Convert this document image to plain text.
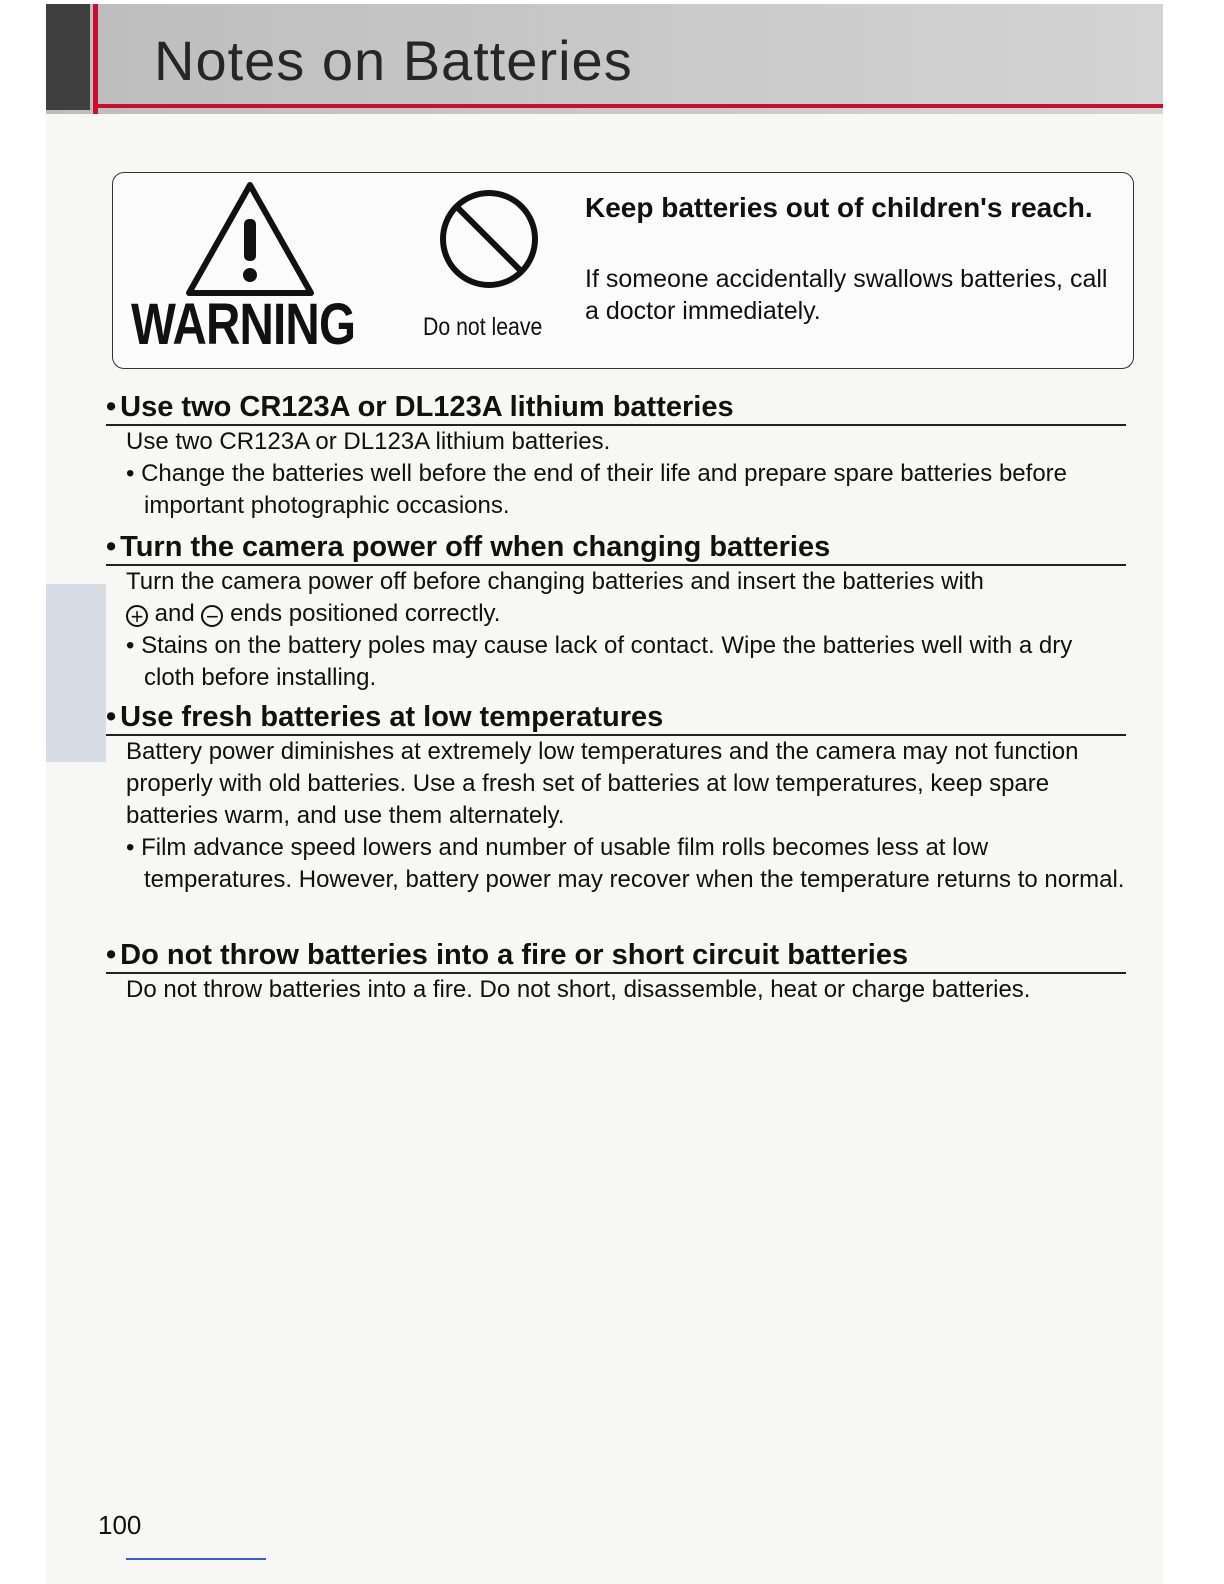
Notes on Batteries
WARNING	Do not leave
Keep batteries out of children's reach.
If someone accidentally swallows batteries, call a doctor immediately.
• Use two CR123A or DL123A lithium batteries
Use two CR123A or DL123A lithium batteries.
• Change the batteries well before the end of their life and prepare spare batteries before important photographic occasions.
• Turn the camera power off when changing batteries
Turn the camera power off before changing batteries and insert the batteries with
+ and − ends positioned correctly.
• Stains on the battery poles may cause lack of contact. Wipe the batteries well with a dry cloth before installing.
• Use fresh batteries at low temperatures
Battery power diminishes at extremely low temperatures and the camera may not function properly with old batteries. Use a fresh set of batteries at low temperatures, keep spare batteries warm, and use them alternately.
• Film advance speed lowers and number of usable film rolls becomes less at low temperatures. However, battery power may recover when the temperature returns to normal.
• Do not throw batteries into a fire or short circuit batteries
Do not throw batteries into a fire. Do not short, disassemble, heat or charge batteries.
100
